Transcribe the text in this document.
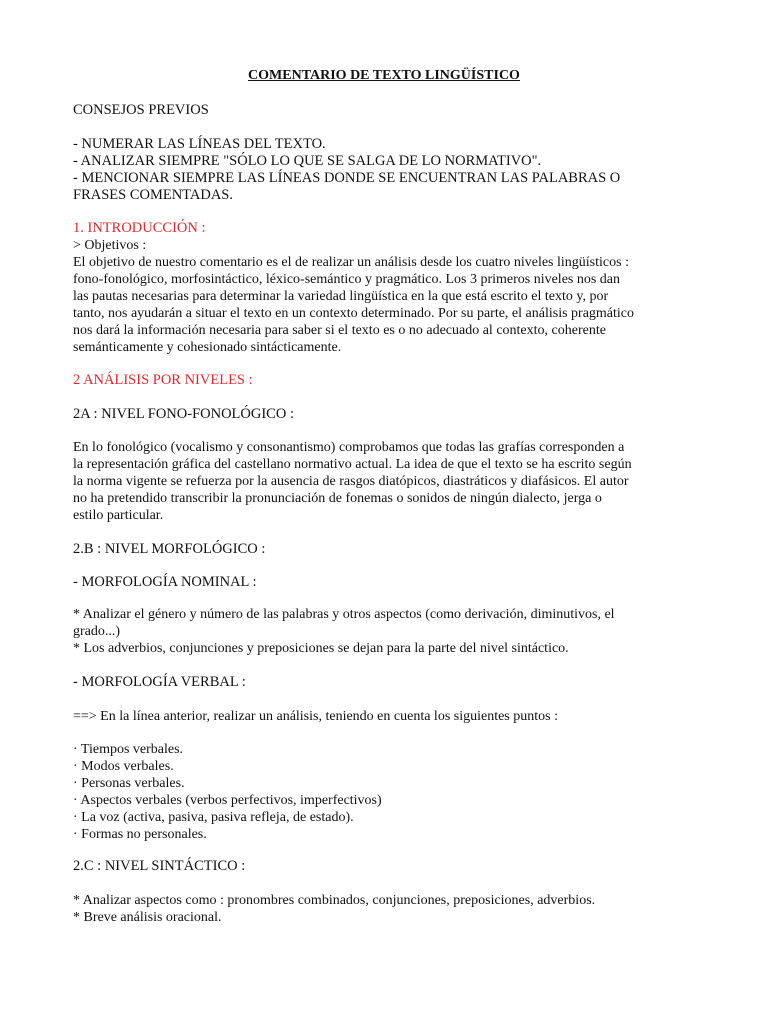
COMENTARIO DE TEXTO LINGÜÍSTICO
CONSEJOS PREVIOS
- NUMERAR LAS LÍNEAS DEL TEXTO.
- ANALIZAR SIEMPRE "SÓLO LO QUE SE SALGA DE LO NORMATIVO".
- MENCIONAR SIEMPRE LAS LÍNEAS DONDE SE ENCUENTRAN LAS PALABRAS O
FRASES COMENTADAS.
1. INTRODUCCIÓN :
> Objetivos :
El objetivo de nuestro comentario es el de realizar un análisis desde los cuatro niveles lingüísticos :
fono-fonológico, morfosintáctico, léxico-semántico y pragmático. Los 3 primeros niveles nos dan
las pautas necesarias para determinar la variedad lingüística en la que está escrito el texto y, por
tanto, nos ayudarán a situar el texto en un contexto determinado. Por su parte, el análisis pragmático
nos dará la información necesaria para saber si el texto es o no adecuado al contexto, coherente
semánticamente y cohesionado sintácticamente.
2 ANÁLISIS POR NIVELES :
2A : NIVEL FONO-FONOLÓGICO :
En lo fonológico (vocalismo y consonantismo) comprobamos que todas las grafías corresponden a
la representación gráfica del castellano normativo actual. La idea de que el texto se ha escrito según
la norma vigente se refuerza por la ausencia de rasgos diatópicos, diastráticos y diafásicos. El autor
no ha pretendido transcribir la pronunciación de fonemas o sonidos de ningún dialecto, jerga o
estilo particular.
2.B : NIVEL MORFOLÓGICO :
- MORFOLOGÍA NOMINAL :
* Analizar el género y número de las palabras y otros aspectos (como derivación, diminutivos, el
grado...)
* Los adverbios, conjunciones y preposiciones se dejan para la parte del nivel sintáctico.
- MORFOLOGÍA VERBAL :
==> En la línea anterior, realizar un análisis, teniendo en cuenta los siguientes puntos :
· Tiempos verbales.
· Modos verbales.
· Personas verbales.
· Aspectos verbales (verbos perfectivos, imperfectivos)
· La voz (activa, pasiva, pasiva refleja, de estado).
· Formas no personales.
2.C : NIVEL SINTÁCTICO :
* Analizar aspectos como : pronombres combinados, conjunciones, preposiciones, adverbios.
* Breve análisis oracional.
